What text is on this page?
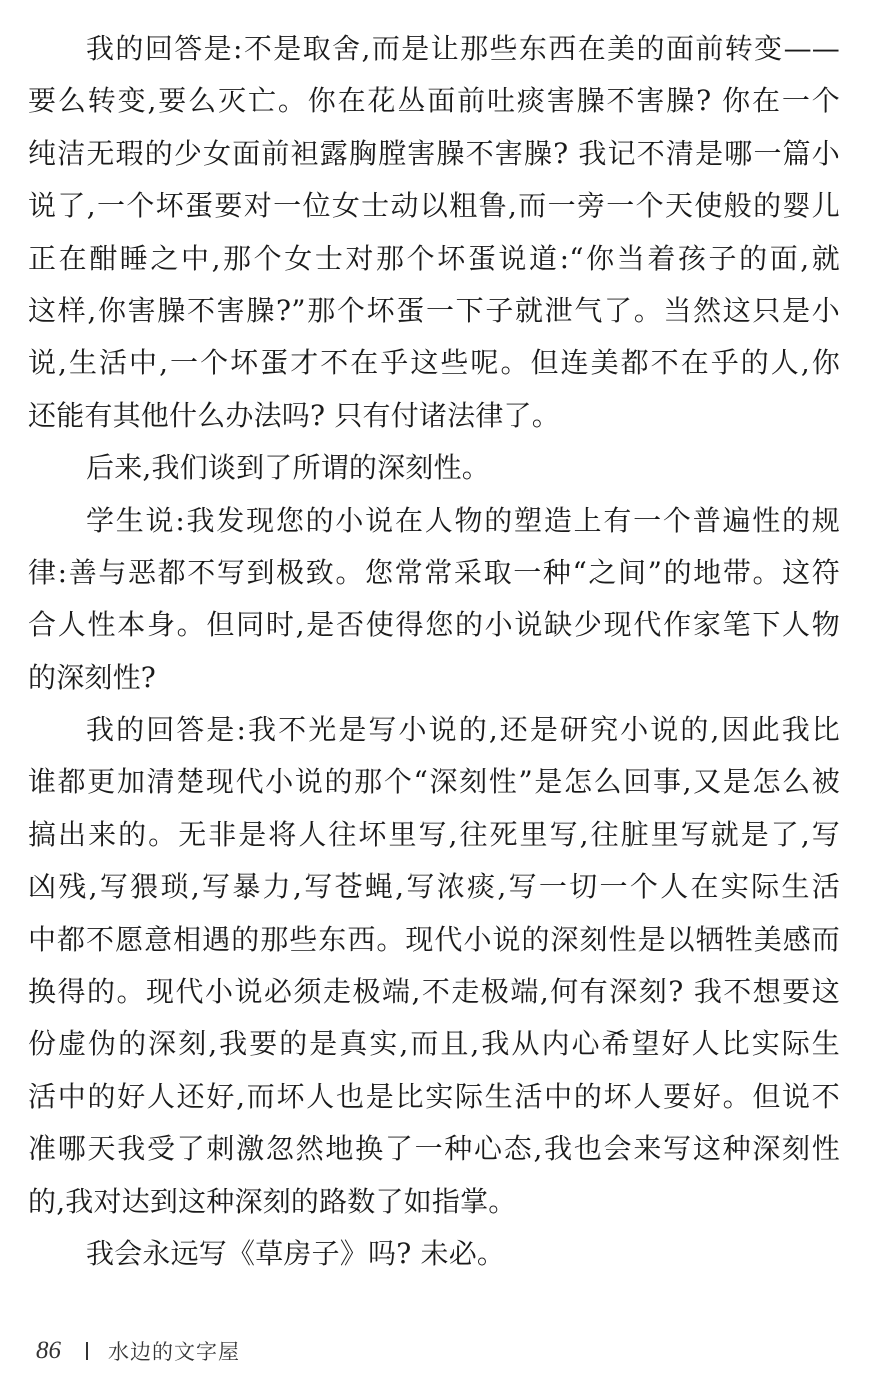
我的回答是:不是取舍,而是让那些东西在美的面前转变——
要么转变,要么灭亡。你在花丛面前吐痰害臊不害臊? 你在一个
纯洁无瑕的少女面前袒露胸膛害臊不害臊? 我记不清是哪一篇小
说了,一个坏蛋要对一位女士动以粗鲁,而一旁一个天使般的婴儿
正在酣睡之中,那个女士对那个坏蛋说道:“你当着孩子的面,就
这样,你害臊不害臊?”那个坏蛋一下子就泄气了。当然这只是小
说,生活中,一个坏蛋才不在乎这些呢。但连美都不在乎的人,你
还能有其他什么办法吗? 只有付诸法律了。
后来,我们谈到了所谓的深刻性。
学生说:我发现您的小说在人物的塑造上有一个普遍性的规
律:善与恶都不写到极致。您常常采取一种“之间”的地带。这符
合人性本身。但同时,是否使得您的小说缺少现代作家笔下人物
的深刻性?
我的回答是:我不光是写小说的,还是研究小说的,因此我比
谁都更加清楚现代小说的那个“深刻性”是怎么回事,又是怎么被
搞出来的。无非是将人往坏里写,往死里写,往脏里写就是了,写
凶残,写猥琐,写暴力,写苍蝇,写浓痰,写一切一个人在实际生活
中都不愿意相遇的那些东西。现代小说的深刻性是以牺牲美感而
换得的。现代小说必须走极端,不走极端,何有深刻? 我不想要这
份虚伪的深刻,我要的是真实,而且,我从内心希望好人比实际生
活中的好人还好,而坏人也是比实际生活中的坏人要好。但说不
准哪天我受了刺激忽然地换了一种心态,我也会来写这种深刻性
的,我对达到这种深刻的路数了如指掌。
我会永远写《草房子》吗? 未必。
86	水边的文字屋
